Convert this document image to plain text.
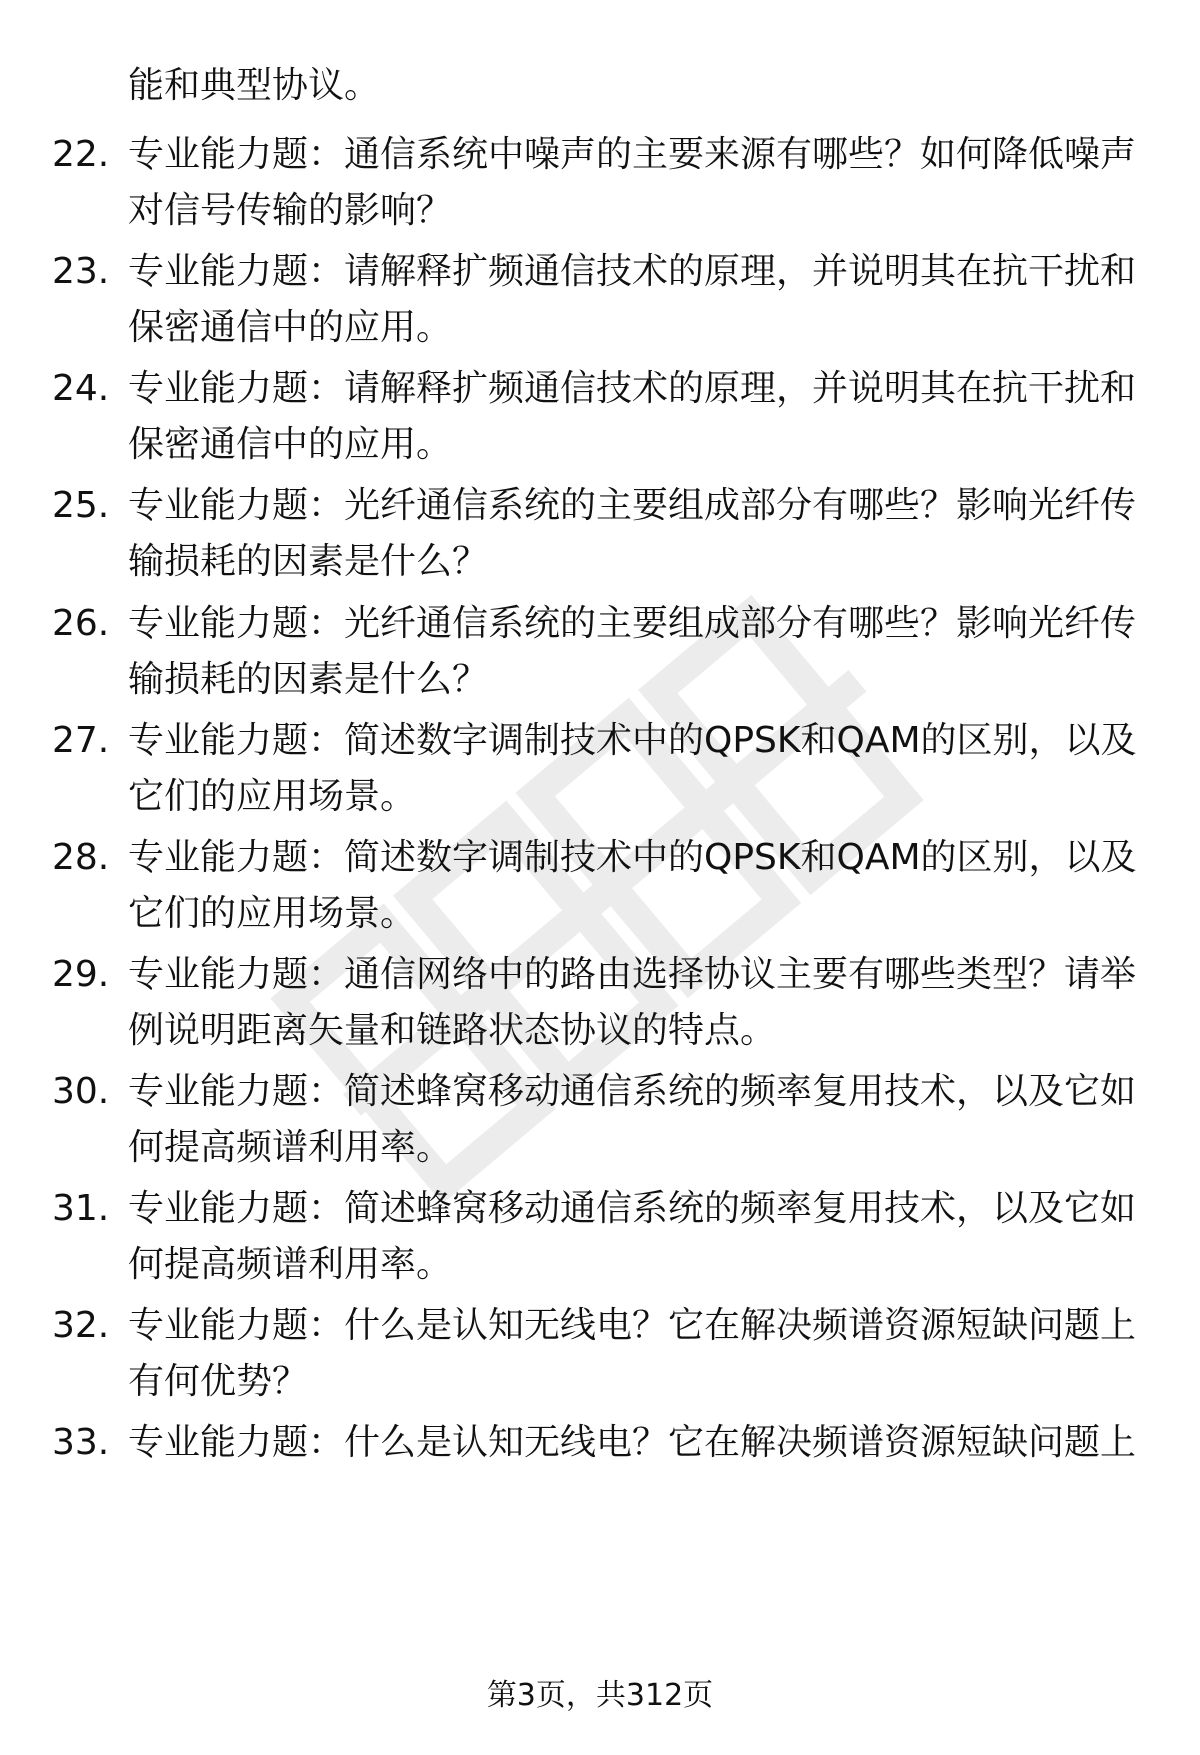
能和典型协议。
22. 专业能力题：通信系统中噪声的主要来源有哪些？如何降低噪声
对信号传输的影响？
23. 专业能力题：请解释扩频通信技术的原理，并说明其在抗干扰和
保密通信中的应用。
24. 专业能力题：请解释扩频通信技术的原理，并说明其在抗干扰和
保密通信中的应用。
25. 专业能力题：光纤通信系统的主要组成部分有哪些？影响光纤传
输损耗的因素是什么？
26. 专业能力题：光纤通信系统的主要组成部分有哪些？影响光纤传
输损耗的因素是什么？
27. 专业能力题：简述数字调制技术中的QPSK和QAM的区别，以及
它们的应用场景。
28. 专业能力题：简述数字调制技术中的QPSK和QAM的区别，以及
它们的应用场景。
29. 专业能力题：通信网络中的路由选择协议主要有哪些类型？请举
例说明距离矢量和链路状态协议的特点。
30. 专业能力题：简述蜂窝移动通信系统的频率复用技术，以及它如
何提高频谱利用率。
31. 专业能力题：简述蜂窝移动通信系统的频率复用技术，以及它如
何提高频谱利用率。
32. 专业能力题：什么是认知无线电？它在解决频谱资源短缺问题上
有何优势？
33. 专业能力题：什么是认知无线电？它在解决频谱资源短缺问题上
第3页，共312页
